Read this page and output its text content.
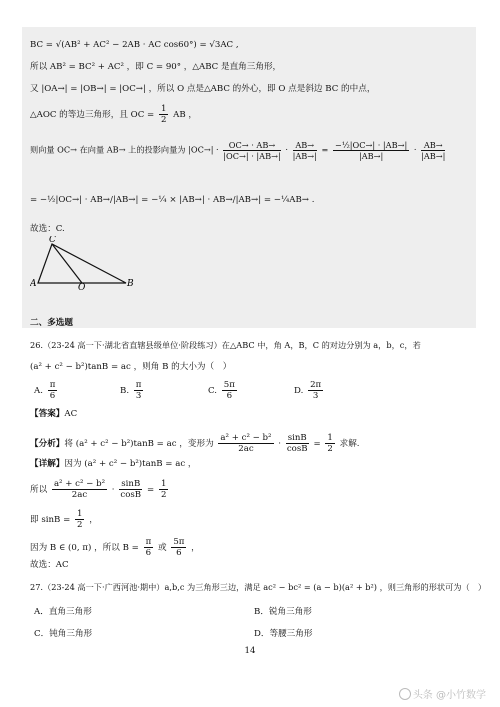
BC = √(AB² + AC² − 2AB · AC cos60°) = √3AC ,
所以 AB² = BC² + AC² ，即 C = 90° ，△ABC 是直角三角形，
又 |OA→| = |OB→| = |OC→| ，所以 O 点是△ABC 的外心，即 O 点是斜边 BC 的中点，
△AOC 的等边三角形，且 OC = $\frac{1}{2}$ AB ，
则向量 OC→ 在向量 AB→ 上的投影向量为 $|OC\to| \cdot \frac{OC\to \cdot AB\to}{|OC\to| \cdot |AB\to|} \cdot \frac{AB\to}{|AB\to|} = \frac{\text{−½|OC→| · |AB→|}}{|AB\to|} \cdot \frac{AB\to}{|AB\to|}$
= −½|OC→| · AB→/|AB→| = −¼ × |AB→| · AB→/|AB→| = −¼AB→ .
故选：C.
C
A	O	B
二、多选题
26.（23-24 高一下·湖北省直辖县级单位·阶段练习）在△ABC 中，角 A，B，C 的对边分别为 a，b，c，若
(a² + c² − b²)tanB = ac ，则角 B 的大小为（　）
A. $\frac{\pi}{6}$	B. $\frac{\pi}{3}$	C. $\frac{5\pi}{6}$	D. $\frac{2\pi}{3}$
【答案】AC
【分析】将 (a² + c² − b²)tanB = ac ，变形为 $\frac{\text{a² + c² − b²}}{2ac} \cdot \frac{\sin B}{\cos B} = \frac{1}{2}$ 求解.
【详解】因为 (a² + c² − b²)tanB = ac ，
所以 $\frac{\text{a² + c² − b²}}{2ac} \cdot \frac{\sin B}{\cos B} = \frac{1}{2}$
即 $\sin B = \frac{1}{2}$ ，
因为 B ∈ (0, π) ，所以 $B = \frac{\pi}{6}$ 或 $\frac{5\pi}{6}$ ，
故选：AC
27.（23-24 高一下·广西河池·期中）a,b,c 为三角形三边，满足 ac² − bc² = (a − b)(a² + b²) ，则三角形的形状可为（　）
A．直角三角形	B．锐角三角形
C．钝角三角形	D．等腰三角形
14
头条 @小竹数学
